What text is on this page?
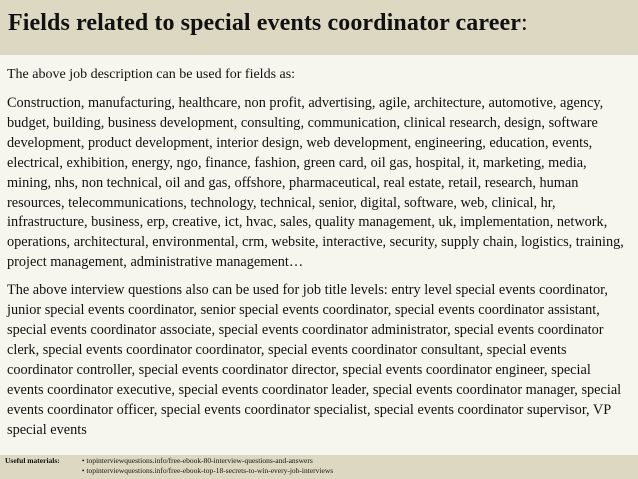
Fields related to special events coordinator career:

The above job description can be used for fields as:

Construction, manufacturing, healthcare, non profit, advertising, agile, architecture, automotive, agency, budget, building, business development, consulting, communication, clinical research, design, software development, product development, interior design, web development, engineering, education, events, electrical, exhibition, energy, ngo, finance, fashion, green card, oil gas, hospital, it, marketing, media, mining, nhs, non technical, oil and gas, offshore, pharmaceutical, real estate, retail, research, human resources, telecommunications, technology, technical, senior, digital, software, web, clinical, hr, infrastructure, business, erp, creative, ict, hvac, sales, quality management, uk, implementation, network, operations, architectural, environmental, crm, website, interactive, security, supply chain, logistics, training, project management, administrative management…

The above interview questions also can be used for job title levels: entry level special events coordinator, junior special events coordinator, senior special events coordinator, special events coordinator assistant, special events coordinator associate, special events coordinator administrator, special events coordinator clerk, special events coordinator coordinator, special events coordinator consultant, special events coordinator controller, special events coordinator director, special events coordinator engineer, special events coordinator executive, special events coordinator leader, special events coordinator manager, special events coordinator officer, special events coordinator specialist, special events coordinator supervisor, VP special events

Useful materials:	• topinterviewquestions.info/free-ebook-80-interview-questions-and-answers
• topinterviewquestions.info/free-ebook-top-18-secrets-to-win-every-job-interviews
